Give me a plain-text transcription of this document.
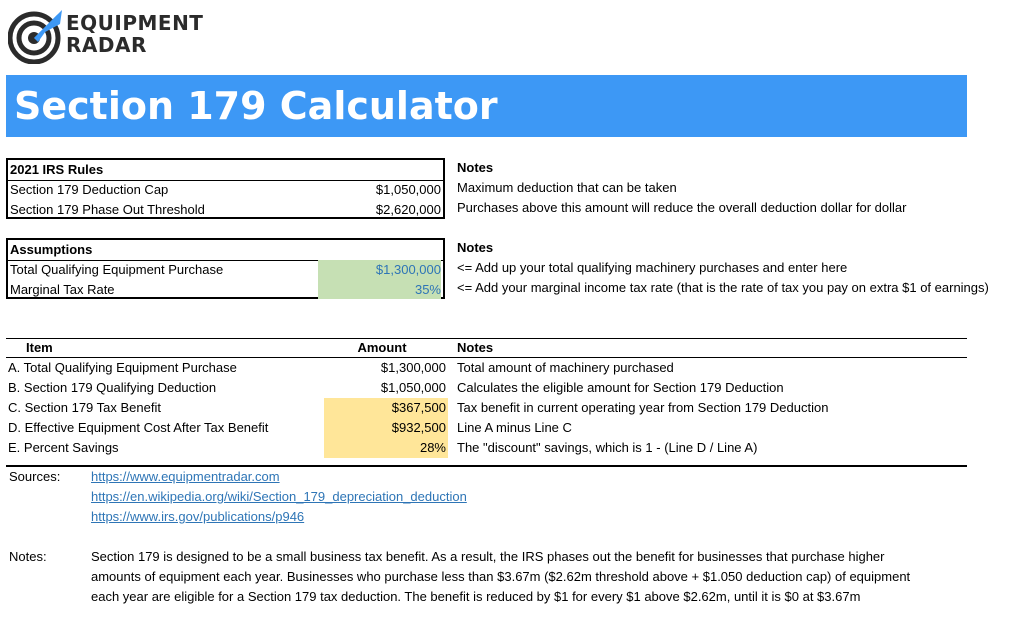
EQUIPMENT
RADAR
Section 179 Calculator
2021 IRS Rules
Section 179 Deduction Cap	$1,050,000
Section 179 Phase Out Threshold	$2,620,000
Notes
Maximum deduction that can be taken
Purchases above this amount will reduce the overall deduction dollar for dollar
Assumptions
Total Qualifying Equipment Purchase	$1,300,000
Marginal Tax Rate	35%
Notes
<= Add up your total qualifying machinery purchases and enter here
<= Add your marginal income tax rate (that is the rate of tax you pay on extra $1 of earnings)
Item	Amount	Notes
A. Total Qualifying Equipment Purchase	$1,300,000 Total amount of machinery purchased
B. Section 179 Qualifying Deduction	$1,050,000 Calculates the eligible amount for Section 179 Deduction
C. Section 179 Tax Benefit	$367,500 Tax benefit in current operating year from Section 179 Deduction
D. Effective Equipment Cost After Tax Benefit	$932,500 Line A minus Line C
E. Percent Savings	28% The "discount" savings, which is 1 - (Line D / Line A)
Sources: https://www.equipmentradar.com
https://en.wikipedia.org/wiki/Section_179_depreciation_deduction
https://www.irs.gov/publications/p946
Notes:	Section 179 is designed to be a small business tax benefit. As a result, the IRS phases out the benefit for businesses that purchase higher
amounts of equipment each year. Businesses who purchase less than $3.67m ($2.62m threshold above + $1.050 deduction cap) of equipment
each year are eligible for a Section 179 tax deduction. The benefit is reduced by $1 for every $1 above $2.62m, until it is $0 at $3.67m
